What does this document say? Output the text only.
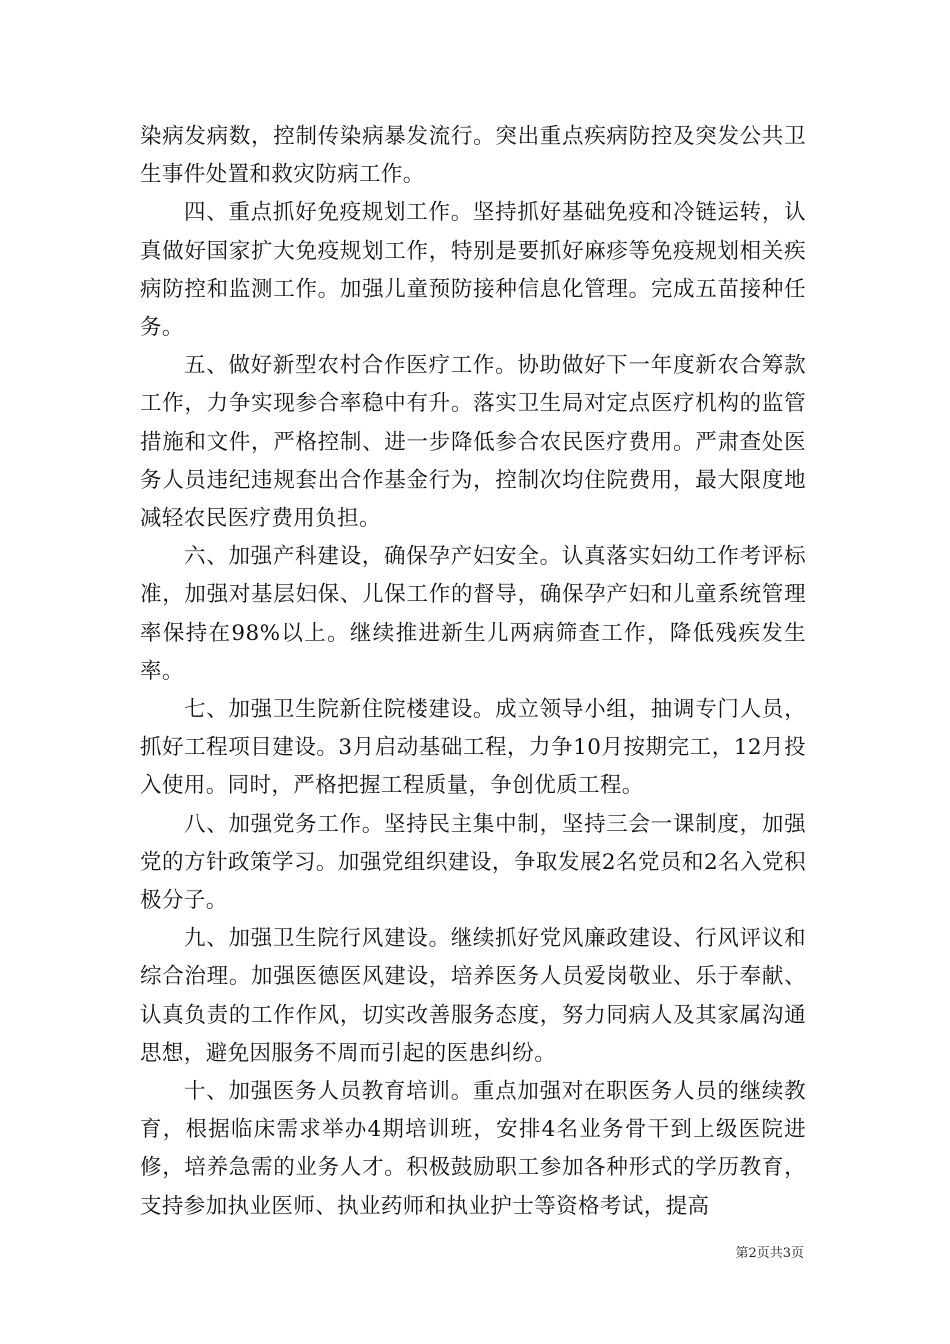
染病发病数，控制传染病暴发流行。突出重点疾病防控及突发公共卫生事件处置和救灾防病工作。

四、重点抓好免疫规划工作。坚持抓好基础免疫和冷链运转，认真做好国家扩大免疫规划工作，特别是要抓好麻疹等免疫规划相关疾病防控和监测工作。加强儿童预防接种信息化管理。完成五苗接种任务。

五、做好新型农村合作医疗工作。协助做好下一年度新农合筹款工作，力争实现参合率稳中有升。落实卫生局对定点医疗机构的监管措施和文件，严格控制、进一步降低参合农民医疗费用。严肃查处医务人员违纪违规套出合作基金行为，控制次均住院费用，最大限度地减轻农民医疗费用负担。

六、加强产科建设，确保孕产妇安全。认真落实妇幼工作考评标准，加强对基层妇保、儿保工作的督导，确保孕产妇和儿童系统管理率保持在98%以上。继续推进新生儿两病筛查工作，降低残疾发生率。

七、加强卫生院新住院楼建设。成立领导小组，抽调专门人员，抓好工程项目建设。3月启动基础工程，力争10月按期完工，12月投入使用。同时，严格把握工程质量，争创优质工程。

八、加强党务工作。坚持民主集中制，坚持三会一课制度，加强党的方针政策学习。加强党组织建设，争取发展2名党员和2名入党积极分子。

九、加强卫生院行风建设。继续抓好党风廉政建设、行风评议和综合治理。加强医德医风建设，培养医务人员爱岗敬业、乐于奉献、认真负责的工作作风，切实改善服务态度，努力同病人及其家属沟通思想，避免因服务不周而引起的医患纠纷。

十、加强医务人员教育培训。重点加强对在职医务人员的继续教育，根据临床需求举办4期培训班，安排4名业务骨干到上级医院进修，培养急需的业务人才。积极鼓励职工参加各种形式的学历教育，支持参加执业医师、执业药师和执业护士等资格考试，提高

第2页共3页
